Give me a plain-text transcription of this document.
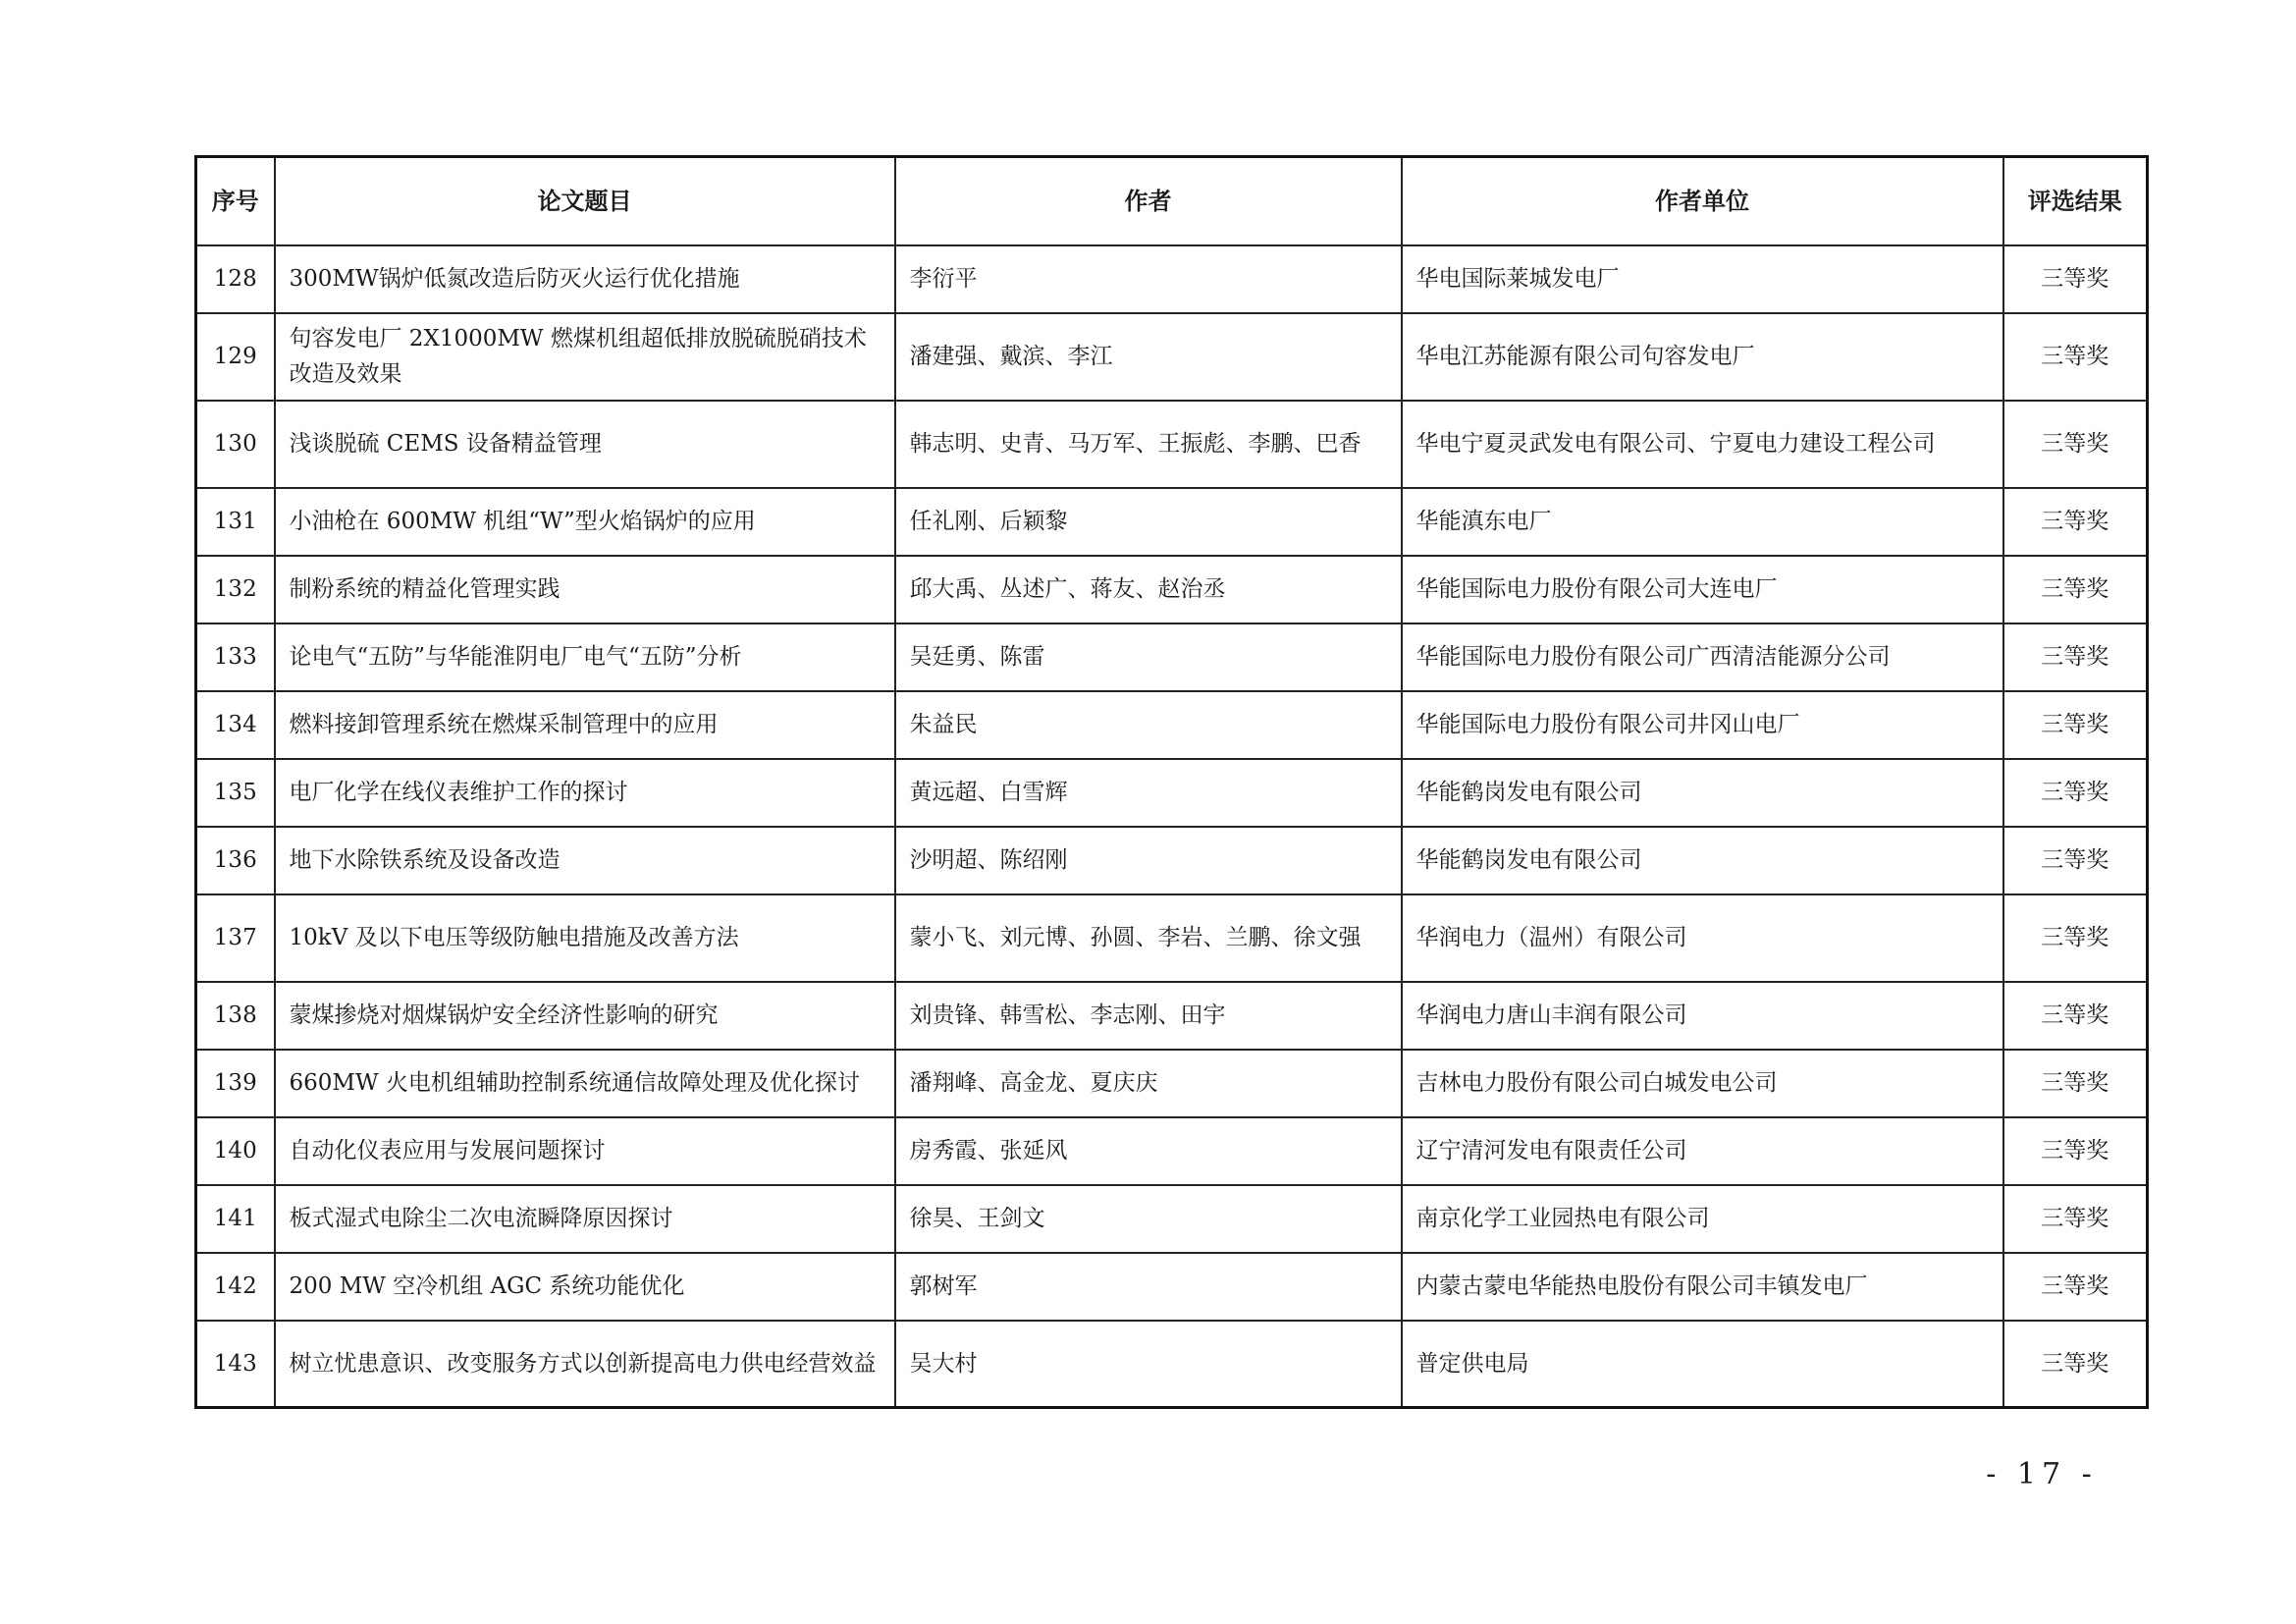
序号	论文题目	作者	作者单位	评选结果
128	300MW锅炉低氮改造后防灭火运行优化措施	李衍平	华电国际莱城发电厂	三等奖
129	句容发电厂 2X1000MW 燃煤机组超低排放脱硫脱硝技术改造及效果	潘建强、戴滨、李江	华电江苏能源有限公司句容发电厂	三等奖
130	浅谈脱硫 CEMS 设备精益管理	韩志明、史青、马万军、王振彪、李鹏、巴香	华电宁夏灵武发电有限公司、宁夏电力建设工程公司	三等奖
131	小油枪在 600MW 机组“W”型火焰锅炉的应用	任礼刚、后颖黎	华能滇东电厂	三等奖
132	制粉系统的精益化管理实践	邱大禹、丛述广、蒋友、赵治丞	华能国际电力股份有限公司大连电厂	三等奖
133	论电气“五防”与华能淮阴电厂电气“五防”分析	吴廷勇、陈雷	华能国际电力股份有限公司广西清洁能源分公司	三等奖
134	燃料接卸管理系统在燃煤采制管理中的应用	朱益民	华能国际电力股份有限公司井冈山电厂	三等奖
135	电厂化学在线仪表维护工作的探讨	黄远超、白雪辉	华能鹤岗发电有限公司	三等奖
136	地下水除铁系统及设备改造	沙明超、陈绍刚	华能鹤岗发电有限公司	三等奖
137	10kV 及以下电压等级防触电措施及改善方法	蒙小飞、刘元博、孙圆、李岩、兰鹏、徐文强	华润电力（温州）有限公司	三等奖
138	蒙煤掺烧对烟煤锅炉安全经济性影响的研究	刘贵锋、韩雪松、李志刚、田宇	华润电力唐山丰润有限公司	三等奖
139	660MW 火电机组辅助控制系统通信故障处理及优化探讨	潘翔峰、高金龙、夏庆庆	吉林电力股份有限公司白城发电公司	三等奖
140	自动化仪表应用与发展问题探讨	房秀霞、张延风	辽宁清河发电有限责任公司	三等奖
141	板式湿式电除尘二次电流瞬降原因探讨	徐昊、王剑文	南京化学工业园热电有限公司	三等奖
142	200 MW 空冷机组 AGC 系统功能优化	郭树军	内蒙古蒙电华能热电股份有限公司丰镇发电厂	三等奖
143	树立忧患意识、改变服务方式以创新提高电力供电经营效益	吴大村	普定供电局	三等奖
- 17 -
